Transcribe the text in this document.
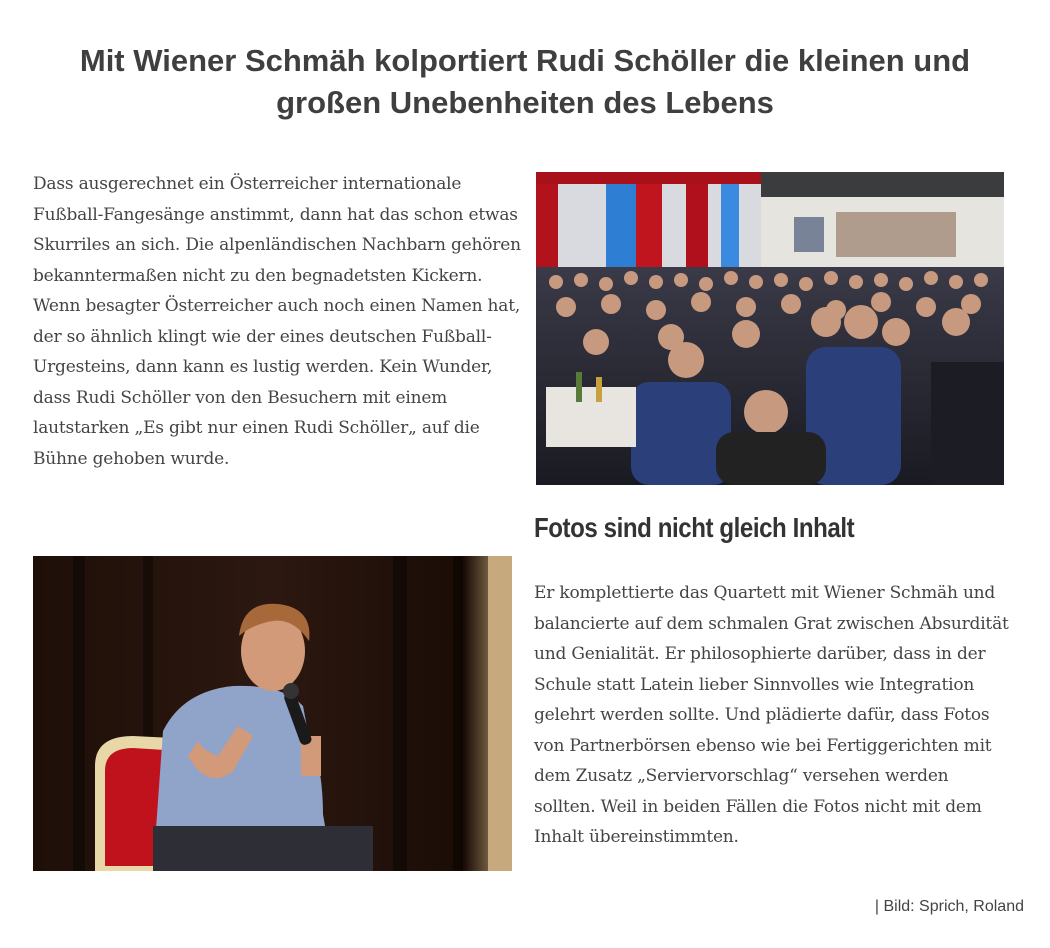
Mit Wiener Schmäh kolportiert Rudi Schöller die kleinen und großen Unebenheiten des Lebens

Dass ausgerechnet ein Österreicher internationale Fußball-Fangesänge anstimmt, dann hat das schon etwas Skurriles an sich. Die alpenländischen Nachbarn gehören bekanntermaßen nicht zu den begnadetsten Kickern. Wenn besagter Österreicher auch noch einen Namen hat, der so ähnlich klingt wie der eines deutschen Fußball-Urgesteins, dann kann es lustig werden. Kein Wunder, dass Rudi Schöller von den Besuchern mit einem lautstarken „Es gibt nur einen Rudi Schöller„ auf die Bühne gehoben wurde.

Fotos sind nicht gleich Inhalt

Er komplettierte das Quartett mit Wiener Schmäh und balancierte auf dem schmalen Grat zwischen Absurdität und Genialität. Er philosophierte darüber, dass in der Schule statt Latein lieber Sinnvolles wie Integration gelehrt werden sollte. Und plädierte dafür, dass Fotos von Partnerbörsen ebenso wie bei Fertiggerichten mit dem Zusatz „Serviervorschlag“ versehen werden sollten. Weil in beiden Fällen die Fotos nicht mit dem Inhalt übereinstimmten.

| Bild: Sprich, Roland
